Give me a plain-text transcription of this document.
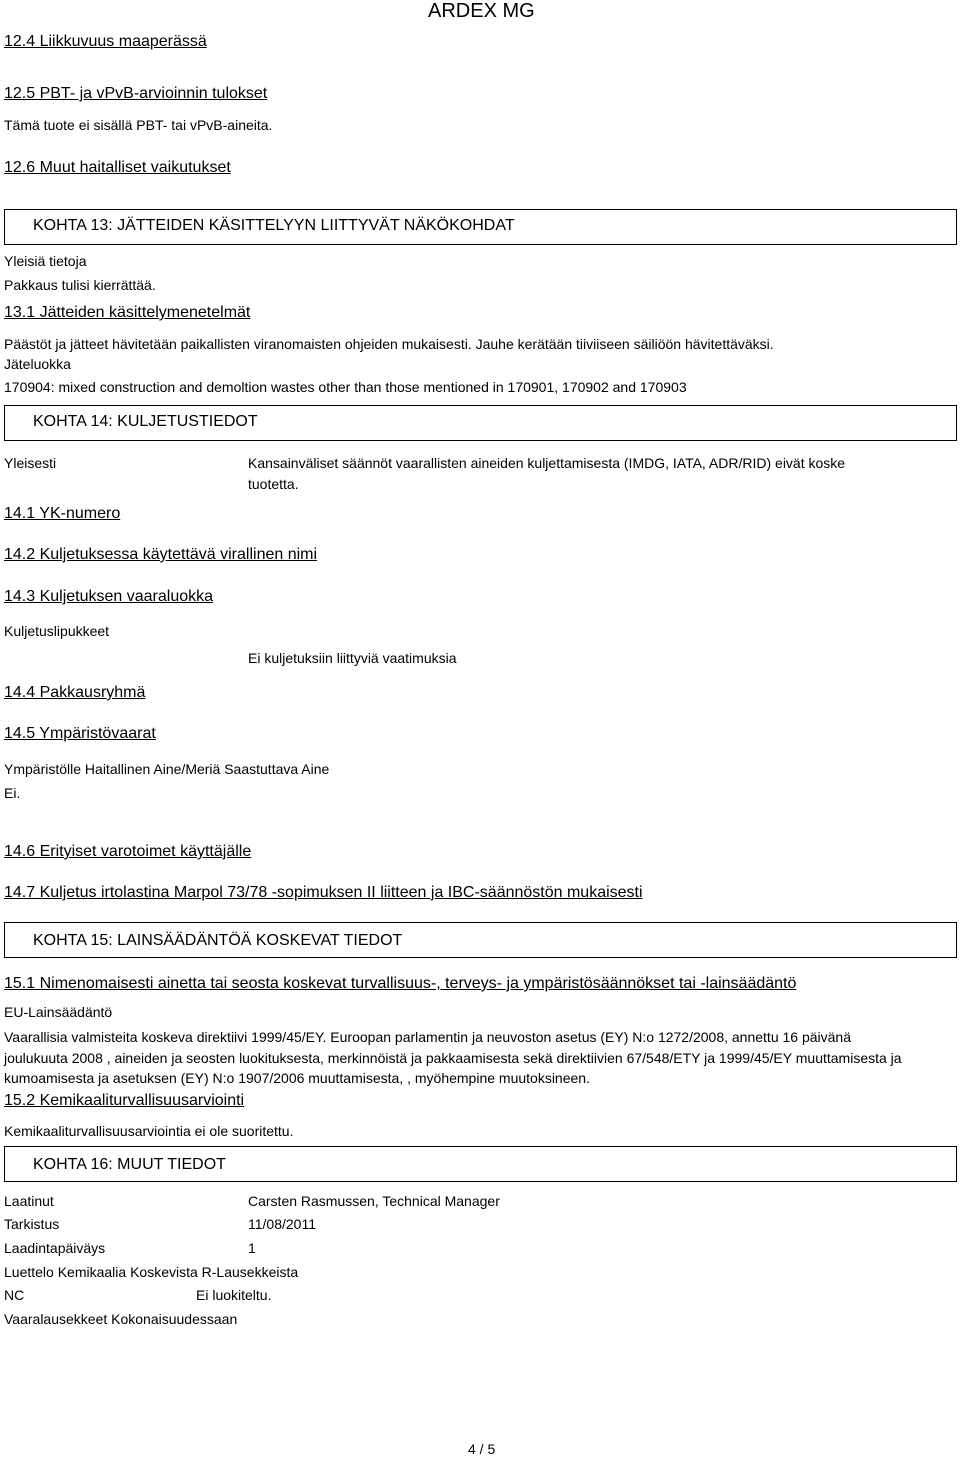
ARDEX MG
12.4 Liikkuvuus maaperässä
12.5 PBT- ja vPvB-arvioinnin tulokset
Tämä tuote ei sisällä PBT- tai vPvB-aineita.
12.6 Muut haitalliset vaikutukset
KOHTA 13: JÄTTEIDEN KÄSITTELYYN LIITTYVÄT NÄKÖKOHDAT
Yleisiä tietoja
Pakkaus tulisi kierrättää.
13.1 Jätteiden käsittelymenetelmät
Päästöt ja jätteet hävitetään paikallisten viranomaisten ohjeiden mukaisesti. Jauhe kerätään tiiviiseen säiliöön hävitettäväksi.
Jäteluokka
170904: mixed construction and demoltion wastes other than those mentioned in 170901, 170902 and 170903
KOHTA 14: KULJETUSTIEDOT
Yleisesti	Kansainväliset säännöt vaarallisten aineiden kuljettamisesta (IMDG, IATA, ADR/RID) eivät koske tuotetta.
14.1 YK-numero
14.2 Kuljetuksessa käytettävä virallinen nimi
14.3 Kuljetuksen vaaraluokka
Kuljetuslipukkeet
Ei kuljetuksiin liittyviä vaatimuksia
14.4 Pakkausryhmä
14.5 Ympäristövaarat
Ympäristölle Haitallinen Aine/Meriä Saastuttava Aine
Ei.
14.6 Erityiset varotoimet käyttäjälle
14.7 Kuljetus irtolastina Marpol 73/78 -sopimuksen II liitteen ja IBC-säännöstön mukaisesti
KOHTA 15: LAINSÄÄDÄNTÖÄ KOSKEVAT TIEDOT
15.1 Nimenomaisesti ainetta tai seosta koskevat turvallisuus-, terveys- ja ympäristösäännökset tai -lainsäädäntö
EU-Lainsäädäntö
Vaarallisia valmisteita koskeva direktiivi 1999/45/EY. Euroopan parlamentin ja neuvoston asetus (EY) N:o 1272/2008, annettu 16 päivänä joulukuuta 2008 , aineiden ja seosten luokituksesta, merkinnöistä ja pakkaamisesta sekä direktiivien 67/548/ETY ja 1999/45/EY muuttamisesta ja kumoamisesta ja asetuksen (EY) N:o 1907/2006 muuttamisesta, , myöhempine muutoksineen.
15.2 Kemikaaliturvallisuusarviointi
Kemikaaliturvallisuusarviointia ei ole suoritettu.
KOHTA 16: MUUT TIEDOT
Laatinut	Carsten Rasmussen, Technical Manager
Tarkistus	11/08/2011
Laadintapäiväys	1
Luettelo Kemikaalia Koskevista R-Lausekkeista
NC	Ei luokiteltu.
Vaaralausekkeet Kokonaisuudessaan
4 / 5
